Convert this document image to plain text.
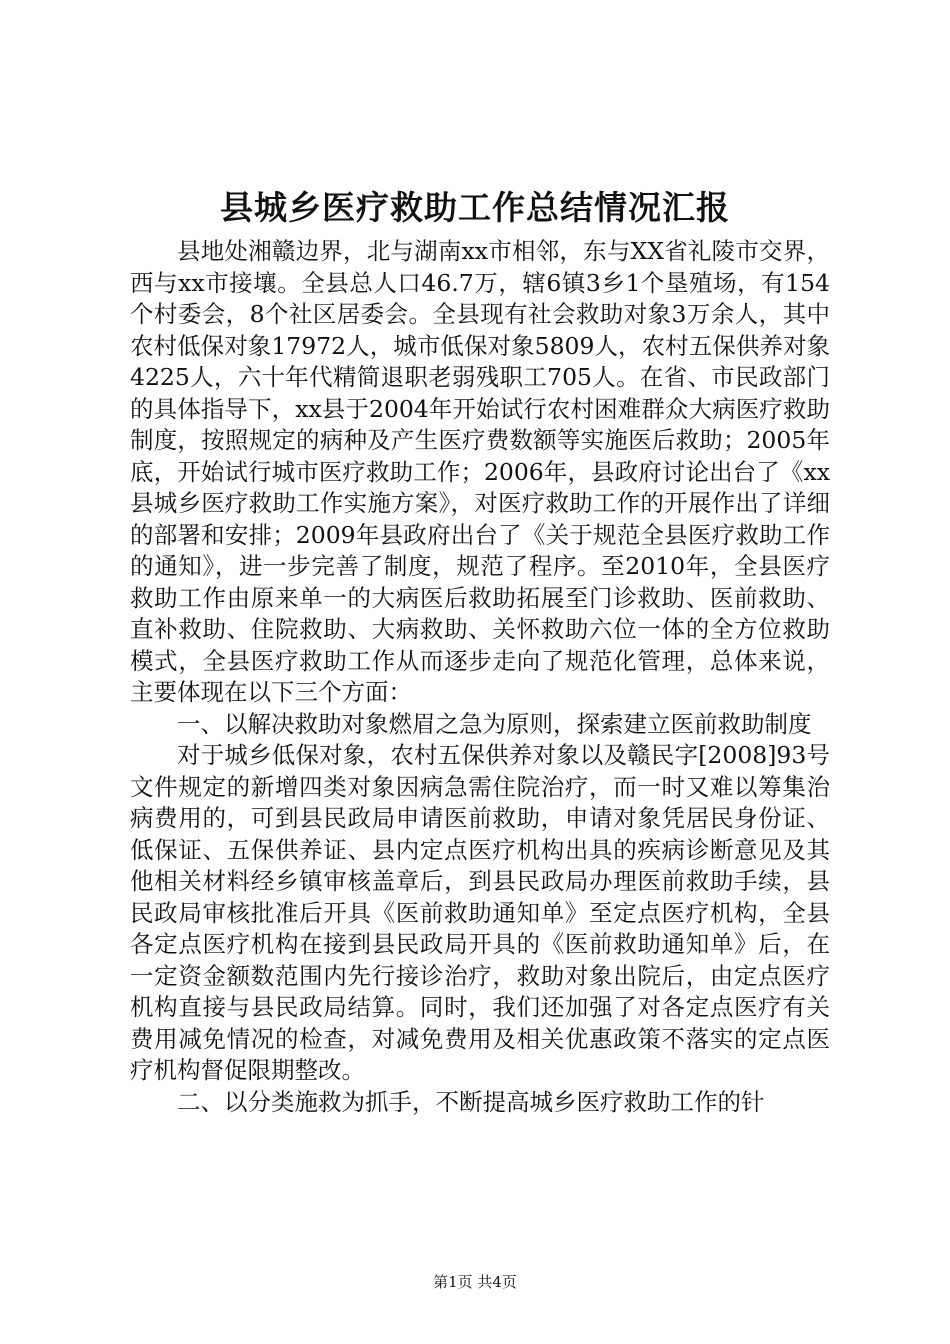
县城乡医疗救助工作总结情况汇报

县地处湘赣边界，北与湖南xx市相邻，东与XX省礼陵市交界，西与xx市接壤。全县总人口46.7万，辖6镇3乡1个垦殖场，有154个村委会，8个社区居委会。全县现有社会救助对象3万余人，其中农村低保对象17972人，城市低保对象5809人，农村五保供养对象4225人，六十年代精简退职老弱残职工705人。在省、市民政部门的具体指导下，xx县于2004年开始试行农村困难群众大病医疗救助制度，按照规定的病种及产生医疗费数额等实施医后救助；2005年底，开始试行城市医疗救助工作；2006年，县政府讨论出台了《xx县城乡医疗救助工作实施方案》，对医疗救助工作的开展作出了详细的部署和安排；2009年县政府出台了《关于规范全县医疗救助工作的通知》，进一步完善了制度，规范了程序。至2010年，全县医疗救助工作由原来单一的大病医后救助拓展至门诊救助、医前救助、直补救助、住院救助、大病救助、关怀救助六位一体的全方位救助模式，全县医疗救助工作从而逐步走向了规范化管理，总体来说，主要体现在以下三个方面：

一、以解决救助对象燃眉之急为原则，探索建立医前救助制度

对于城乡低保对象，农村五保供养对象以及赣民字[2008]93号文件规定的新增四类对象因病急需住院治疗，而一时又难以筹集治病费用的，可到县民政局申请医前救助，申请对象凭居民身份证、低保证、五保供养证、县内定点医疗机构出具的疾病诊断意见及其他相关材料经乡镇审核盖章后，到县民政局办理医前救助手续，县民政局审核批准后开具《医前救助通知单》至定点医疗机构，全县各定点医疗机构在接到县民政局开具的《医前救助通知单》后，在一定资金额数范围内先行接诊治疗，救助对象出院后，由定点医疗机构直接与县民政局结算。同时，我们还加强了对各定点医疗有关费用减免情况的检查，对减免费用及相关优惠政策不落实的定点医疗机构督促限期整改。

二、以分类施救为抓手，不断提高城乡医疗救助工作的针

第1页 共4页
